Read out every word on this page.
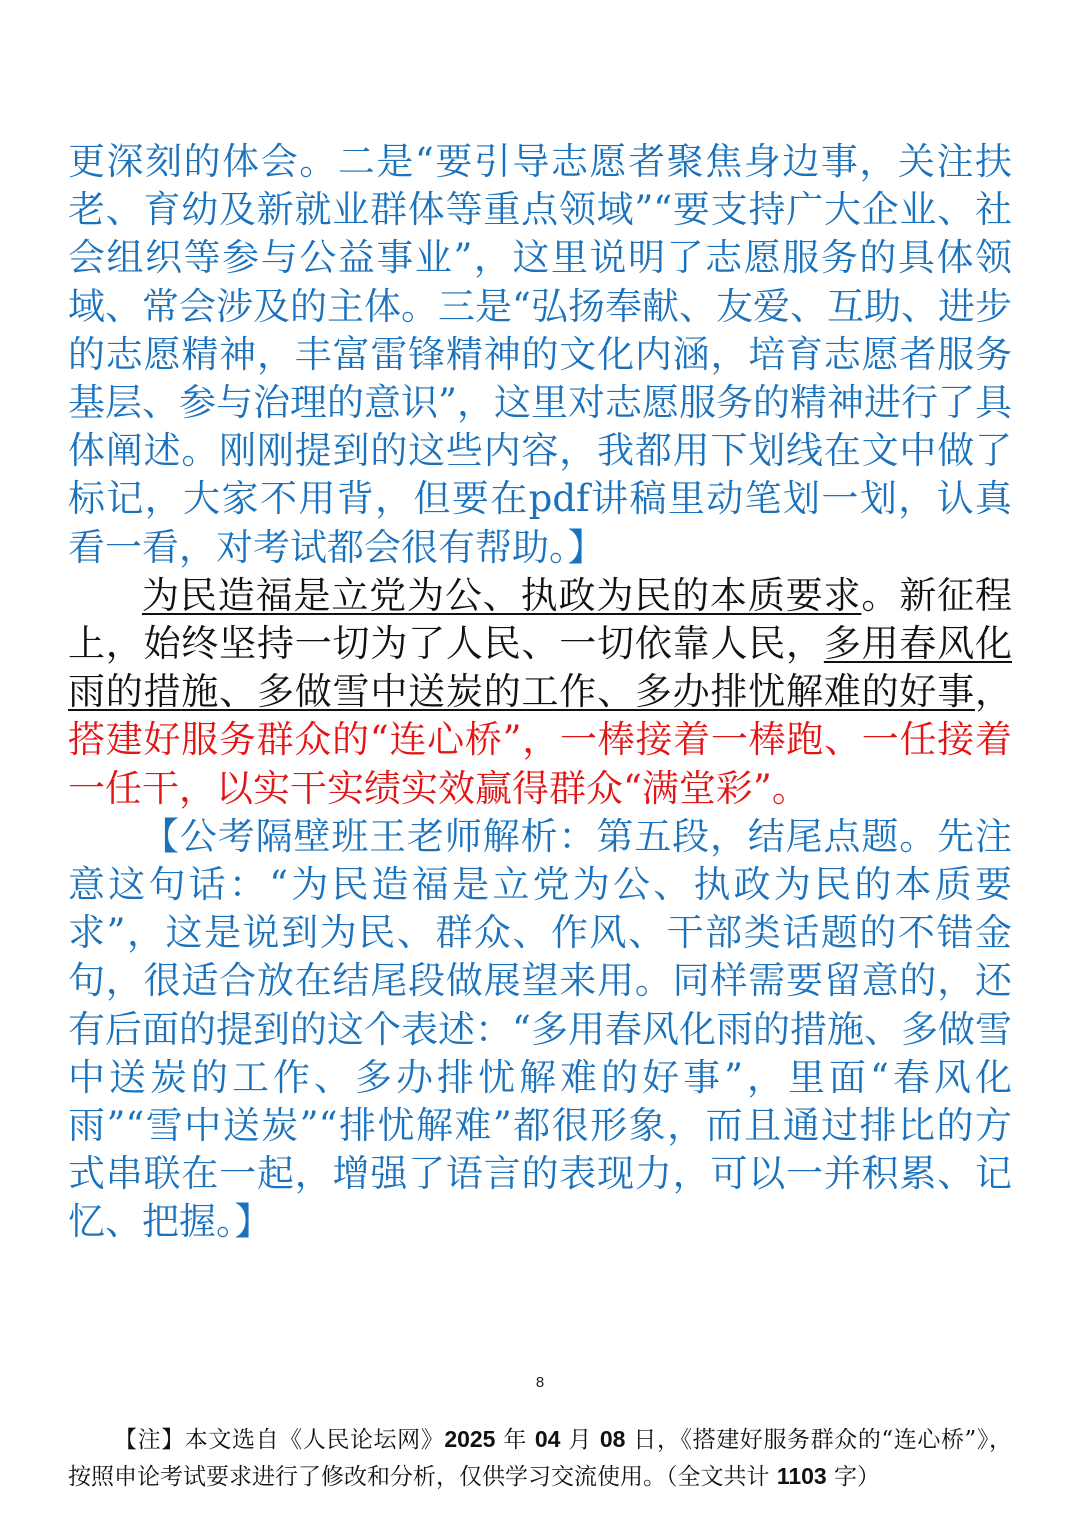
更深刻的体会。二是“要引导志愿者聚焦身边事，关注扶老、育幼及新就业群体等重点领域”“要支持广大企业、社会组织等参与公益事业”，这里说明了志愿服务的具体领域、常会涉及的主体。三是“弘扬奉献、友爱、互助、进步的志愿精神，丰富雷锋精神的文化内涵，培育志愿者服务基层、参与治理的意识”，这里对志愿服务的精神进行了具体阐述。刚刚提到的这些内容，我都用下划线在文中做了标记，大家不用背，但要在pdf讲稿里动笔划一划，认真看一看，对考试都会很有帮助。】

为民造福是立党为公、执政为民的本质要求。新征程上，始终坚持一切为了人民、一切依靠人民，多用春风化雨的措施、多做雪中送炭的工作、多办排忧解难的好事，搭建好服务群众的“连心桥”，一棒接着一棒跑、一任接着一任干，以实干实绩实效赢得群众“满堂彩”。

【公考隔壁班王老师解析：第五段，结尾点题。先注意这句话：“为民造福是立党为公、执政为民的本质要求”，这是说到为民、群众、作风、干部类话题的不错金句，很适合放在结尾段做展望来用。同样需要留意的，还有后面的提到的这个表述：“多用春风化雨的措施、多做雪中送炭的工作、多办排忧解难的好事”，里面“春风化雨”“雪中送炭”“排忧解难”都很形象，而且通过排比的方式串联在一起，增强了语言的表现力，可以一并积累、记忆、把握。】

8

【注】本文选自《人民论坛网》2025 年 04 月 08 日，《搭建好服务群众的“连心桥”》，按照申论考试要求进行了修改和分析，仅供学习交流使用。（全文共计 1103 字）
